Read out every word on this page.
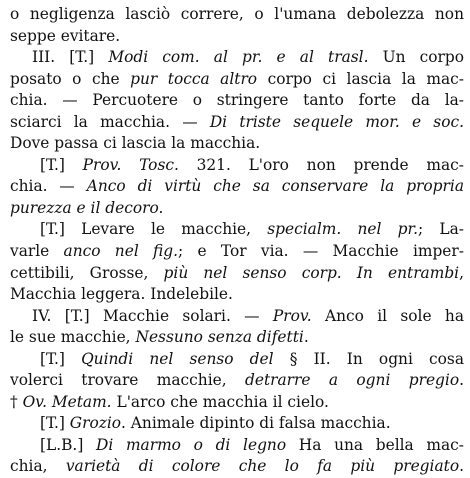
o negligenza lasciò correre, o l'umana debolezza non
seppe evitare.
III. [T.] Modi com. al pr. e al trasl. Un corpo
posato o che pur tocca altro corpo ci lascia la mac-
chia. — Percuotere o stringere tanto forte da la-
sciarci la macchia. — Di triste sequele mor. e soc.
Dove passa ci lascia la macchia.
[T.] Prov. Tosc. 321. L'oro non prende mac-
chia. — Anco di virtù che sa conservare la propria
purezza e il decoro.
[T.] Levare le macchie, specialm. nel pr.; La-
varle anco nel fig.; e Tor via. — Macchie imper-
cettibili, Grosse, più nel senso corp. In entrambi,
Macchia leggera. Indelebile.
IV. [T.] Macchie solari. — Prov. Anco il sole ha
le sue macchie, Nessuno senza difetti.
[T.] Quindi nel senso del § II. In ogni cosa
volerci trovare macchie, detrarre a ogni pregio.
† Ov. Metam. L'arco che macchia il cielo.
[T.] Grozio. Animale dipinto di falsa macchia.
[L.B.] Di marmo o di legno Ha una bella mac-
chia, varietà di colore che lo fa più pregiato.
